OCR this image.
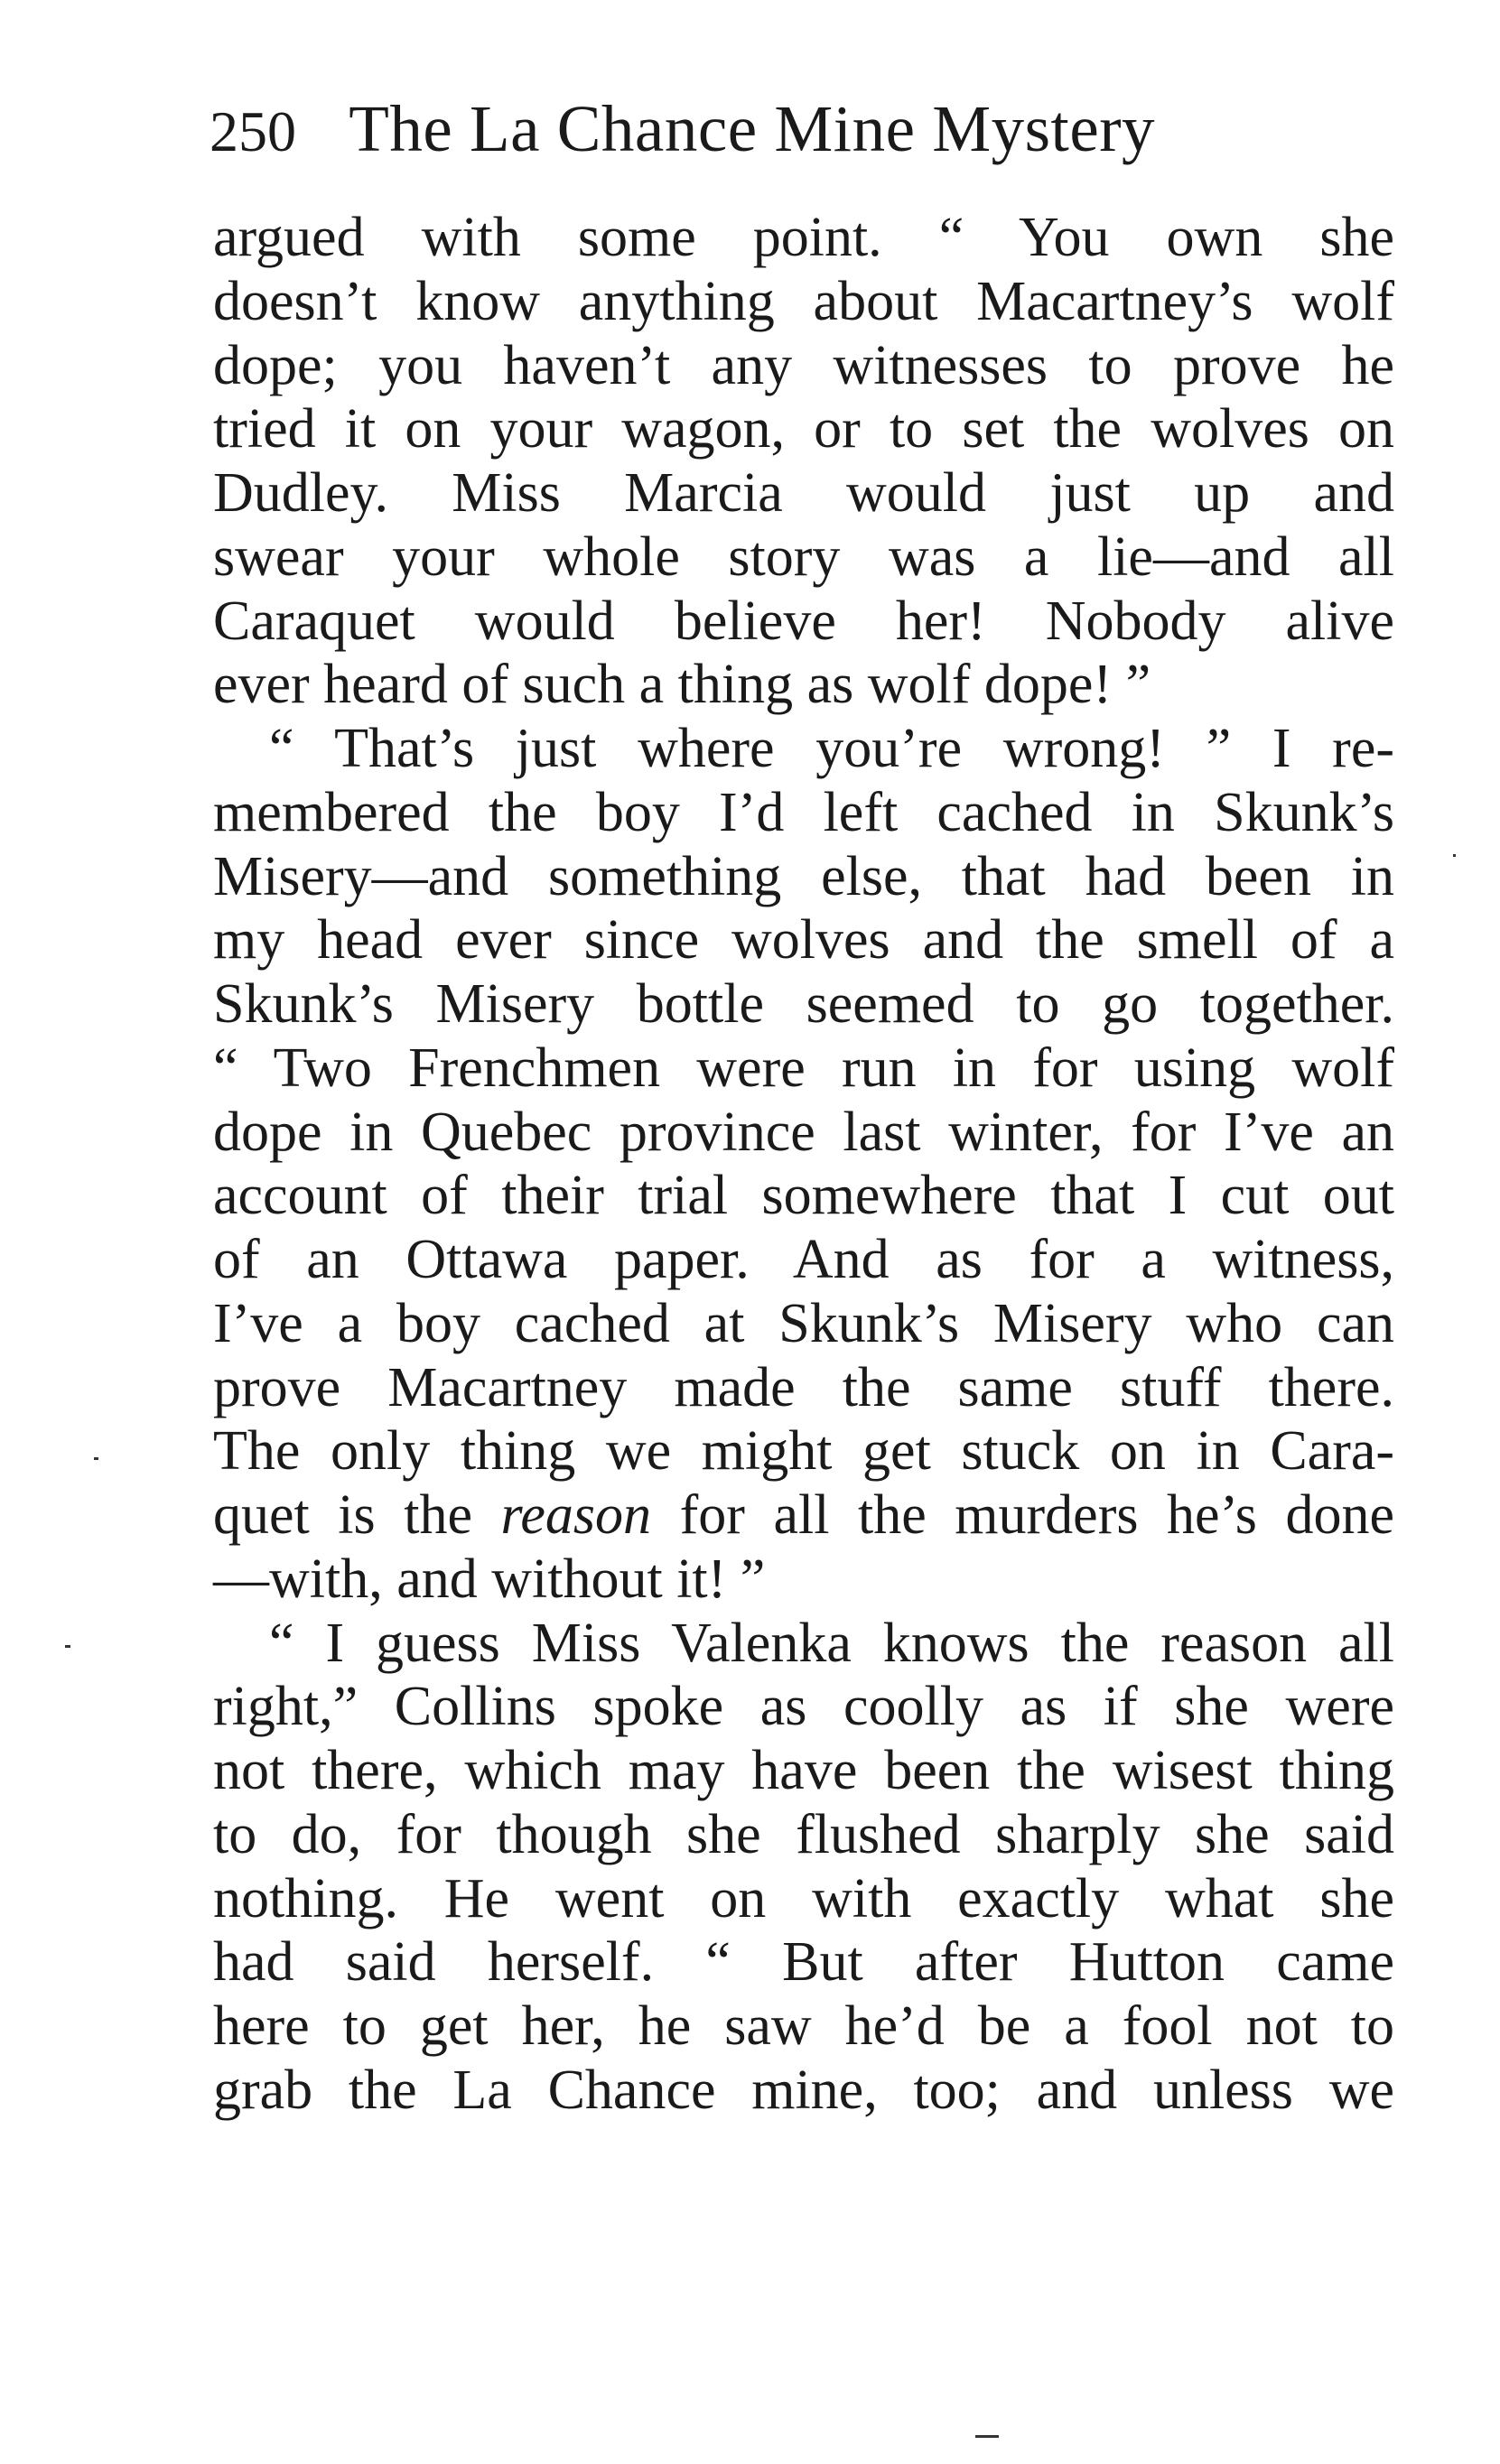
250 The La Chance Mine Mystery
argued with some point. “ You own she
doesn’t know anything about Macartney’s wolf
dope; you haven’t any witnesses to prove he
tried it on your wagon, or to set the wolves on
Dudley. Miss Marcia would just up and
swear your whole story was a lie—and all
Caraquet would believe her! Nobody alive
ever heard of such a thing as wolf dope! ”
“ That’s just where you’re wrong! ” I re-
membered the boy I’d left cached in Skunk’s
Misery—and something else, that had been in
my head ever since wolves and the smell of a
Skunk’s Misery bottle seemed to go together.
“ Two Frenchmen were run in for using wolf
dope in Quebec province last winter, for I’ve an
account of their trial somewhere that I cut out
of an Ottawa paper. And as for a witness,
I’ve a boy cached at Skunk’s Misery who can
prove Macartney made the same stuff there.
The only thing we might get stuck on in Cara-
quet is the reason for all the murders he’s done
—with, and without it! ”
“ I guess Miss Valenka knows the reason all
right,” Collins spoke as coolly as if she were
not there, which may have been the wisest thing
to do, for though she flushed sharply she said
nothing. He went on with exactly what she
had said herself. “ But after Hutton came
here to get her, he saw he’d be a fool not to
grab the La Chance mine, too; and unless we
